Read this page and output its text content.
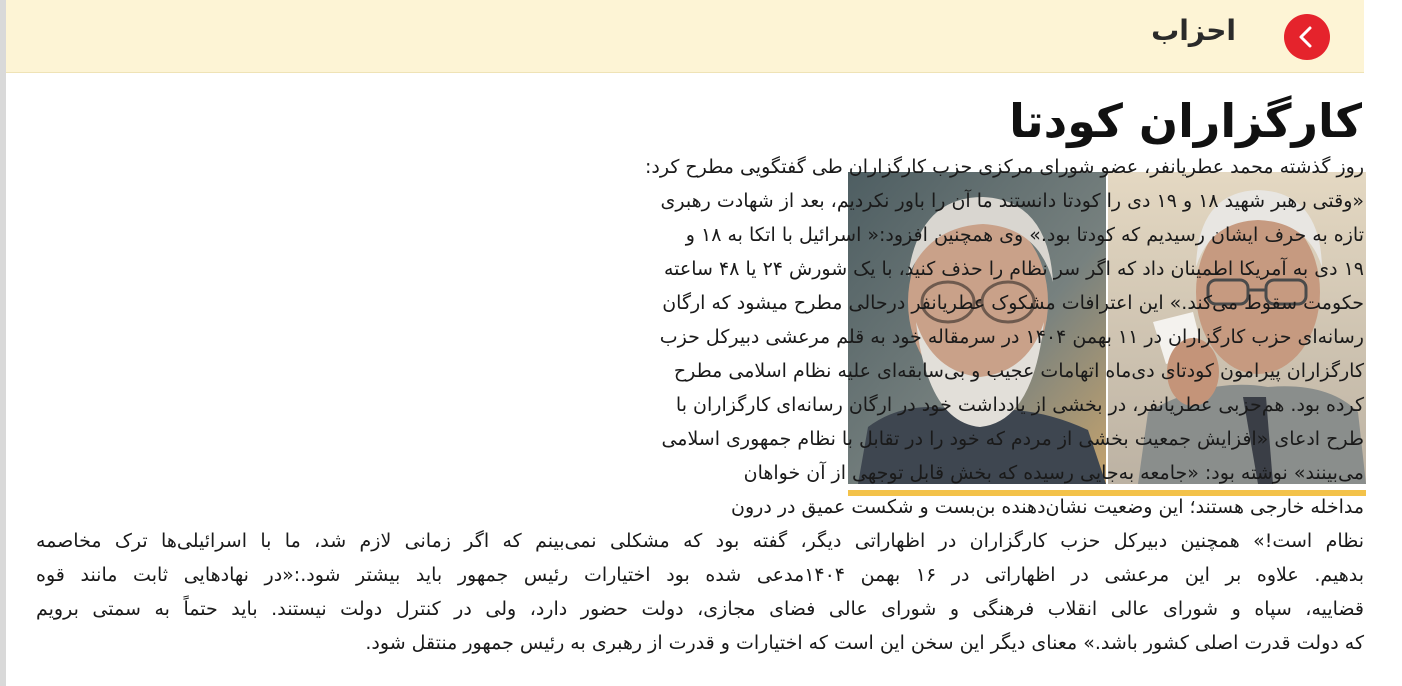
احزاب
کارگزاران کودتا
روز گذشته محمد عطریانفر، عضو شورای مرکزی حزب کارگزاران طی گفتگویی مطرح کرد:
«وقتی رهبر شهید ۱۸ و ۱۹ دی را کودتا دانستند ما آن را باور نکردیم، بعد از شهادت رهبری
تازه به حرف ایشان رسیدیم که کودتا بود.» وی همچنین افزود:« اسرائیل با اتکا به ۱۸ و
۱۹ دی به آمریکا اطمینان داد که اگر سر نظام را حذف کنید، با یک شورش ۲۴ یا ۴۸ ساعته
حکومت سقوط می‌کند.» این اعترافات مشکوک عطریانفر درحالی مطرح میشود که ارگان
رسانه‌ای حزب کارگزاران در ۱۱ بهمن ۱۴۰۴ در سرمقاله خود به قلم مرعشی دبیرکل حزب
کارگزاران پیرامون کودتای دی‌ماه اتهامات عجیب و بی‌سابقه‌ای علیه نظام اسلامی مطرح
کرده بود. هم‌حزبی عطریانفر، در بخشی از یادداشت خود در ارگان رسانه‌ای کارگزاران با
طرح ادعای «افزایش جمعیت بخشی از مردم که خود را در تقابل با نظام جمهوری اسلامی
می‌بینند» نوشته بود: «جامعه به‌جایی رسیده که بخش قابل توجهی از آن خواهان
مداخله خارجی هستند؛ این وضعیت نشان‌دهنده بن‌بست و شکست عمیق در درون
نظام است!» همچنین دبیرکل حزب کارگزاران در اظهاراتی دیگر، گفته بود که مشکلی نمی‌بینم که اگر زمانی لازم شد، ما با اسرائیلی‌ها ترک مخاصمه
بدهیم. علاوه بر این مرعشی در اظهاراتی در ۱۶ بهمن ۱۴۰۴مدعی شده بود اختیارات رئیس جمهور باید بیشتر شود.:«در نهادهایی ثابت مانند قوه
قضاییه، سپاه و شورای عالی انقلاب فرهنگی و شورای عالی فضای مجازی، دولت حضور دارد، ولی در کنترل دولت نیستند. باید حتماً به سمتی برویم
که دولت قدرت اصلی کشور باشد.» معنای دیگر این سخن این است که اختیارات و قدرت از رهبری به رئیس جمهور منتقل شود.
